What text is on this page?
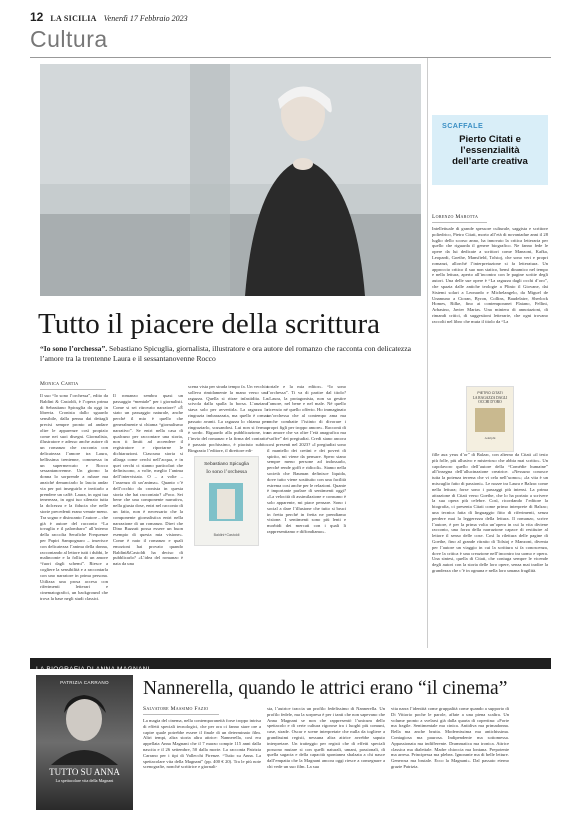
12 LA SICILIA Venerdì 17 Febbraio 2023
Cultura
Tutto il piacere della scrittura
“Io sono l’orchessa”. Sebastiano Spicuglia, giornalista, illustratore e ora autore del romanzo che racconta con delicatezza l’amore tra la trentenne Laura e il sessantanovenne Rocco
Monica Cartia

Il suo “Io sono l’orchessa”, edito da Baldini & Castoldi, è l’opera prima di Sebastiano Spicuglia da oggi in libreria. Cronista dallo sguardo sensibile, dalla penna dai dettagli precisi sempre pronto ad andare oltre le apparenze così propizio come nei suoi disegni. Giornalista, illustratore e adesso anche autore di un romanzo che racconta con delicatezza l’amore tra Laura, bellissima trentenne, commessa in un supermercato e Rocco sessantanovenne. Un giorno la donna lo sorprende a rubare ma anziché denunciarlo lo lascia andar via per poi inseguirlo e invitarlo a prendere un caffè. Laura, in ogni tua tenerezza, in ogni tuo silenzio tutta la dolcezza e la fiducia che nelle storie precedenti erano venute meno. Tra sogno e disincanto l’autore – che già è autore del racconto “La tovaglia e il palombaro” all’interno della raccolta Serafiche Frequenze per Papiri Sampognaro – inserisce con delicatezza l’anima della donna, raccontando al lettore tutti i dubbi, le malinconie e la follia di un amore “fuori dagli schemi”. Riesce a cogliere la sensibilità e a raccontarla con uno narratore in prima persona. Utilizza una prosa accesa con riferimenti letterari e cinematografici, un background che trova la base negli studi classici.

Il romanzo sembra quasi un passaggio “mentale” per i giornalisti. Come si sei ritrovato narratore? «È stato un passaggio naturale, anche perché il mio è quello che generalmente si chiama “giornalismo narrativo”. Se entri nella casa di qualcuno per raccontare una storia, non ti limiti ad accendere il registratore e riportarne le dichiarazioni. Ciascuna storia si allarga come cerchi nell’acqua, e in quei cerchi ci stanno particolari che definiscono, a volte, meglio l’anima dell’intervistato. O – a volte – l’assenza di un’anima». Quanto c’è dell’occhio da cronista in questa storia che hai raccontato? «Poco. Sei bene che una componente narrativa, nella giusta dose, entri nel racconto di un fatto, non è necessario che la componente giornalistica entri nella narrazione di un romanzo. Direi che Dino Buzzati possa essere un buon esempio di questa mia visione». Come è nato il romanzo e quali emozioni hai provato quando Baldini&Castoldi ha deciso di pubblicarlo? «L’idea del romanzo è nata da una

scena vista per strada tempo fa. Un vecchio solleva rimidamente la mano verso una ragazza. Quella si ritrae infastidita. Le scivola dalla spalla la borsa. L’anziano stava solo per avvertirla. La ragazza lo ringrazia imbarazzata, ma quello è ormai passato avanti. La ragazza lo chiama per ringraziarlo, scusandosi. Lui non si ferma, è sordo. Riguardo alla pubblicazione, tra l’invio del romanzo e la firma del contratto è passato pochissimo, è piaciuto subito. Ringrazio l’editore, il direttore edi-

toriale e la mia editor». “Io sono l’orchessa”. Ti va di partire dal titolo? «Laura, la protagonista, non sa gestire l’amore, nel bene e nel male. Né quello ricevuto né quello offerto. Ho immaginato un’orchessa che al contempo ama ma anche combatte l’istinto di divorare i propri figli per troppo amore». Racconti di un amore che va oltre l’età anagrafica ma “soffre” dei pregiudizi. Credi siano ancora così presenti nel 2023? «I pregiudizi sono il mantello dei cretini e dei poveri di spirito, mi viene da pensare. Spero siano sempre meno persone ad indossarlo, perché rende goffi e ridicoli». Siamo nella società che Bauman definisce liquida, dove tutto viene sostituito con una facilità estrema cosi anche per le relazioni. Quante è importante parlare di sentimenti oggi? «La velocità di assimilazione e consumo è solo apparente, mi piace pensare. Sono i social a dare l’illusione che tutto si bruci in fretta perché in fretta ne prendiamo visione. I sentimenti sono più lenti e morbidi dei mercati con i quali li rappresentiamo e diffondiamo».

Sebastiano Spicuglia
Io sono l’orchessa
Baldini+Castoldi
SCAFFALE
Pierto Citati e l’essenzialità dell’arte creativa
Lorenzo Marotta

Intellettuale di grande spessore culturale, saggista e scrittore poliedrico, Pietro Citati, morto all’età di novantadue anni il 28 luglio dello scorso anno, ha innovato la critica letteraria per quello che riguarda il genere biografico. Ne fanno fede le opere da lui dedicate a scrittori come Manzoni, Kafka, Leopardi, Goethe, Mansfield, Tolstoj, che sono veri e propri romanzi, allorché l’interpretazione si fa letteratura. Un approccio critico il suo non statico, bensì dinamico nel tempo e nella lettura, aperto all’incontro con le pagine scritte degli autori. Una delle sue opere è “La ragazza dagli occhi d’oro”, che spazia dalle antiche teologie a Plinio il Giovane, dai Sistemi solari a Leonardo e Michelangelo, da Miguel de Unamuno a Cioran, Byron, Collins, Baudelaire, Sherlock Homes, Rilke, fino ai contemporanei Flaiano, Fellini, Arbasino, Javier Marias. Una miniera di annotazioni, di rimandi critici, di suggestioni letterarie, che ogni trovano raccolti nel libro che muta il titolo da “La

PIETRO CITATI
LA RAGAZZA DAGLI OCCHI D’ORO
Adelphi

fille aux yeux d’or” di Balzac, con alterno da Citati «il testo più folle, più allusivo e misterioso che abbia mai scritto». Un capolavoro quello dell’autore della “Comédie humaine” all’insegna dell’allucinazione creatrice. «Nessuno conosce tutta la potenza terrena che vi cela nell’uomo»; «la vita è un miscuglio fatto di passioni». Le nozze tra Laura e Balzac come nella lettura; forse sono i passaggi più intensi. La prima attrazione di Citati verso Goethe, che lo ha portato a scrivere la sua opera più celebre. Così, ricordando l’editore la biografia, ci presenta Citati come primo interprete di Balzac; una tecnica fatta di linguaggio fitto di riferimenti, senza perdere mai la leggerezza della lettura. Il romanzo, scrive l’autore, è per la prima volta un’opera in cui la vita diviene racconto, una forza della narrazione capace di restituire al lettore il senso delle cose. Così la rilettura delle pagine di Goethe, fino al grande ritratto di Tolstoj e Manzoni, diventa per l’autore un viaggio in cui la scrittura si fa conoscenza, dove la critica è una creazione nell’incontro tra uomo e opera. Una sintesi, quella di Citati, che coniuga sempre le vicende degli autori con la storia delle loro opere, senza mai tradire la grandezza che c’è in ognuna e nella loro umana fragilità.

LA BIOGRAFIA DI ANNA MAGNANI
PATRIZIA CARRANO
TUTTO SU ANNA
La spettacolare vita della Magnani
Nannerella, quando le attrici erano “il cinema”
Salvatore Massimo Fazio

La magia del cinema, nella contemporaneità forse troppo intrisa di effetti speciali tecnologici, che per ora ci fanno stare ore a capire quale potrebbe essere il finale di un determinato film. Altri tempi, altra storia altra attrice: Nannerella, così era appellata Anna Magnani che il 7 marzo compie 115 anni dalla nascita e il 26 settembre, 50 dalla morte. La racconta Patrizia Carrano per i tipi di Vallecchi Firenze. “Tutto su Anna. La spettacolare vita della Magnani” (pp. 400 € 20). Tra le più note scenografie, nonché scrittrice e giornali-

sta, l’autrice traccia un profilo fedelissimo di Nannerella. Un profilo fedele, ma la sorpresa è per i tanti che non sapevano che Anna Magnani se non che rappresentò l’unicum dello spettacolo e di certe cultura rigorose tra i luoghi più comuni, case, strade. Oscar e scene interpretate che nulla da togliere a grandissimi registi, nessuna altra attrice avrebbe saputo interpretare. Un tratteggio per registi che di effetti speciali possono mutare si con quelli naturali, umani, passionali, di quella sagacia e della capacità spontanea sbalzata a chi nasce dall’empatia che la Magnani ancora oggi riesce a consegnare a chi vede un suo film. La sua

vita narra l’identità come gruppalità come quando a supporto di Di Vittorio poche le parole, affate a una piena scaltra. Un volume pronto a svelarsi già dalla quarta di copertina: «Forte ma fragile. Sentimentale ma cinica. Antidiva ma primadonna. Bella ma anche brutta. Modernissima ma antichissima. Contagiosa ma paurosa. Indipendente ma sottomessa. Appassionata ma indifferente. Drammatica ma ironica. Attrice classica ma dialettale. Madre chioccia ma lontana. Prepotente ma arresa. Principessa ma plebea. Ignorante ma di belle letture. Generosa ma brutale. Ecco la Magnani». Dal passato eterno grazie Patrizia.
